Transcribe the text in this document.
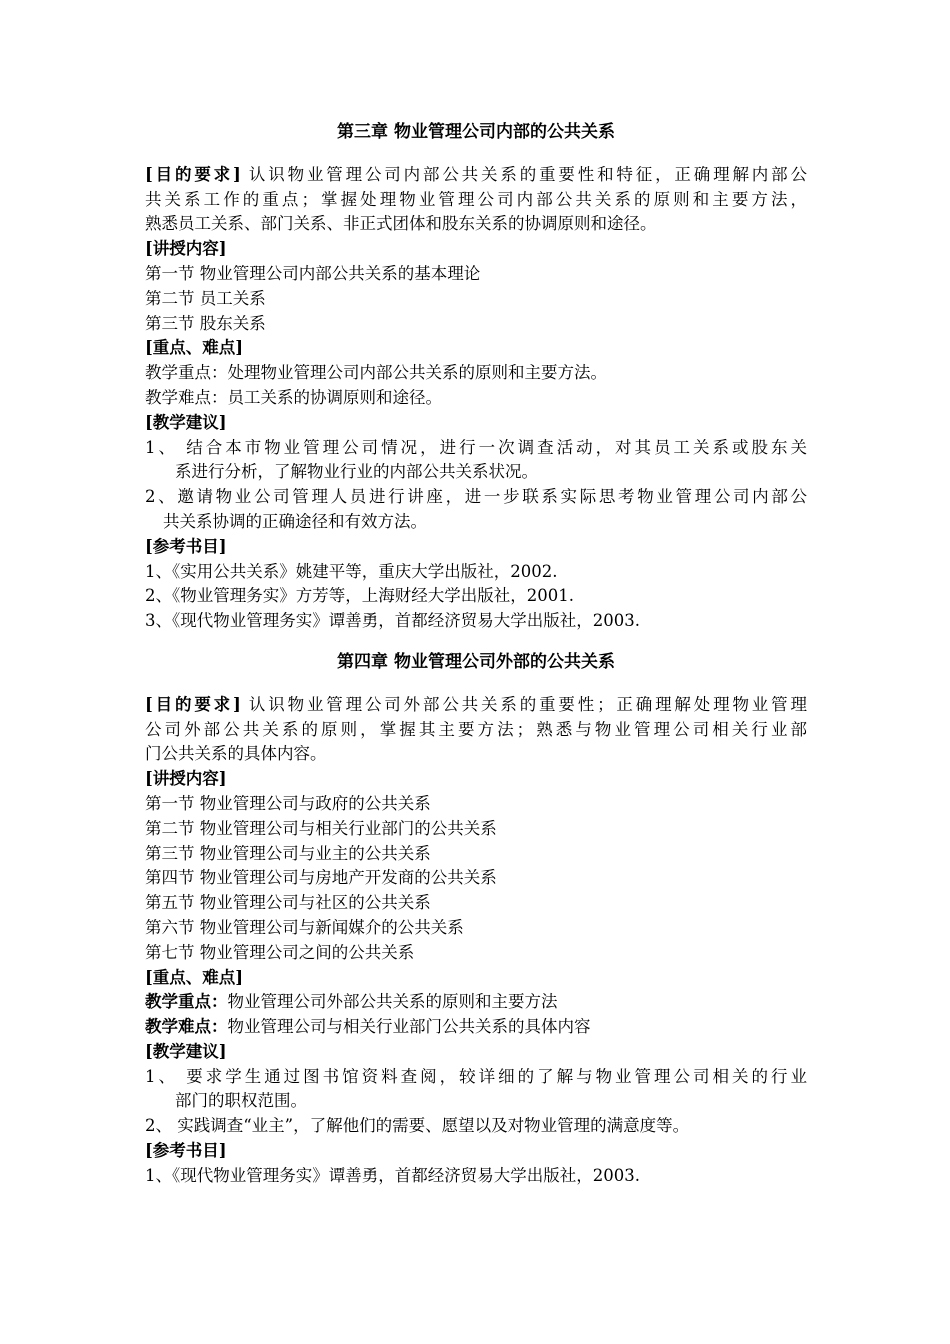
第三章 物业管理公司内部的公共关系
[目的要求] 认识物业管理公司内部公共关系的重要性和特征，正确理解内部公
共关系工作的重点；掌握处理物业管理公司内部公共关系的原则和主要方法，
熟悉员工关系、部门关系、非正式团体和股东关系的协调原则和途径。
[讲授内容]
第一节 物业管理公司内部公共关系的基本理论
第二节 员工关系
第三节 股东关系
[重点、难点]
教学重点：处理物业管理公司内部公共关系的原则和主要方法。
教学难点：员工关系的协调原则和途径。
[教学建议]
1、 结合本市物业管理公司情况，进行一次调查活动，对其员工关系或股东关
系进行分析，了解物业行业的内部公共关系状况。
2、邀请物业公司管理人员进行讲座，进一步联系实际思考物业管理公司内部公
共关系协调的正确途径和有效方法。
[参考书目]
1、《实用公共关系》姚建平等，重庆大学出版社，2002.
2、《物业管理务实》方芳等，上海财经大学出版社，2001.
3、《现代物业管理务实》谭善勇，首都经济贸易大学出版社，2003.
第四章 物业管理公司外部的公共关系
[目的要求] 认识物业管理公司外部公共关系的重要性；正确理解处理物业管理
公司外部公共关系的原则，掌握其主要方法；熟悉与物业管理公司相关行业部
门公共关系的具体内容。
[讲授内容]
第一节 物业管理公司与政府的公共关系
第二节 物业管理公司与相关行业部门的公共关系
第三节 物业管理公司与业主的公共关系
第四节 物业管理公司与房地产开发商的公共关系
第五节 物业管理公司与社区的公共关系
第六节 物业管理公司与新闻媒介的公共关系
第七节 物业管理公司之间的公共关系
[重点、难点]
教学重点：物业管理公司外部公共关系的原则和主要方法
教学难点：物业管理公司与相关行业部门公共关系的具体内容
[教学建议]
1、 要求学生通过图书馆资料查阅，较详细的了解与物业管理公司相关的行业
部门的职权范围。
2、 实践调查“业主”，了解他们的需要、愿望以及对物业管理的满意度等。
[参考书目]
1、《现代物业管理务实》谭善勇，首都经济贸易大学出版社，2003.
